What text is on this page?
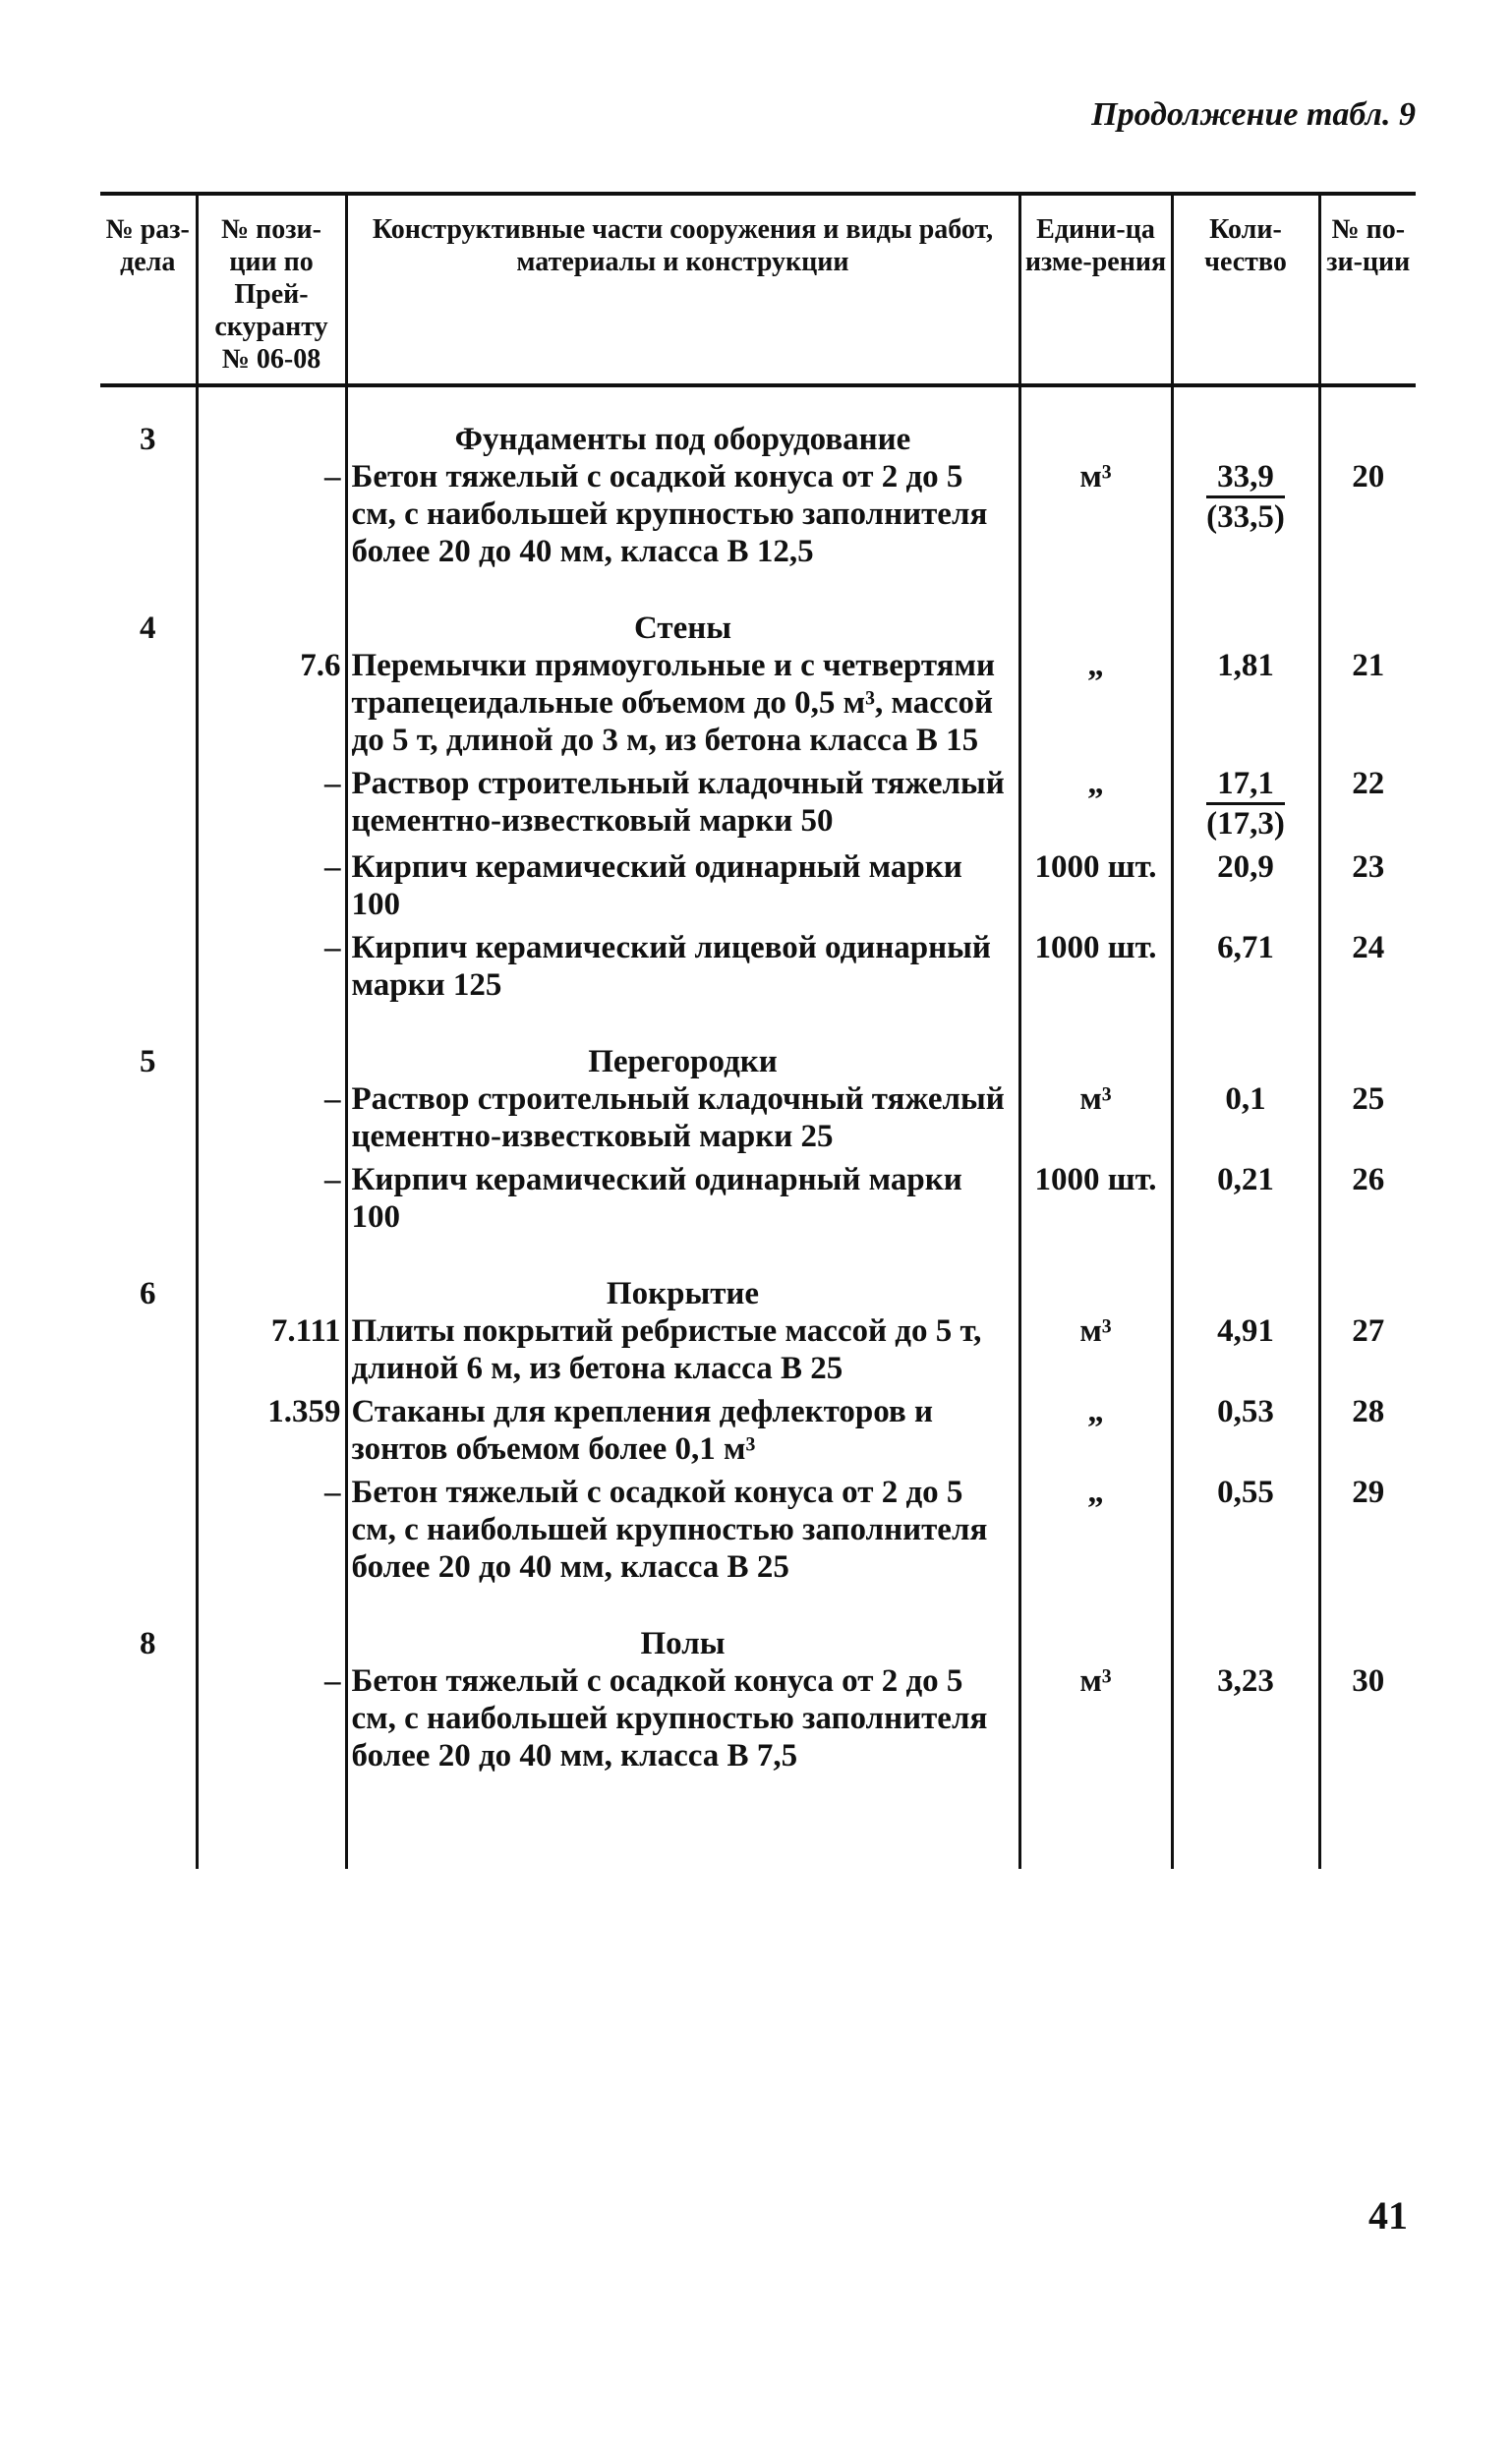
Продолжение табл. 9
№ раз-дела	№ пози-ции по Прей-скуранту № 06-08	Конструктивные части сооружения и виды работ, материалы и конструкции	Едини-ца изме-рения	Коли-чество	№ по-зи-ции
3		Фундаменты под оборудование			
	–	Бетон тяжелый с осадкой конуса от 2 до 5 см, с наибольшей крупностью заполнителя более 20 до 40 мм, класса В 12,5	м³	$\frac{33,9}{(33,5)}$	20
4		Стены			
	7.6	Перемычки прямоугольные и с четвертями трапецеидальные объемом до 0,5 м³, массой до 5 т, длиной до 3 м, из бетона класса В 15	„	1,81	21
	–	Раствор строительный кладочный тяжелый цементно-известковый марки 50	„	$\frac{17,1}{(17,3)}$	22
	–	Кирпич керамический одинарный марки 100	1000 шт.	20,9	23
	–	Кирпич керамический лицевой одинарный марки 125	1000 шт.	6,71	24
5		Перегородки			
	–	Раствор строительный кладочный тяжелый цементно-известковый марки 25	м³	0,1	25
	–	Кирпич керамический одинарный марки 100	1000 шт.	0,21	26
6		Покрытие			
	7.111	Плиты покрытий ребристые массой до 5 т, длиной 6 м, из бетона класса В 25	м³	4,91	27
	1.359	Стаканы для крепления дефлекторов и зонтов объемом более 0,1 м³	„	0,53	28
	–	Бетон тяжелый с осадкой конуса от 2 до 5 см, с наибольшей крупностью заполнителя более 20 до 40 мм, класса В 25	„	0,55	29
8		Полы			
	–	Бетон тяжелый с осадкой конуса от 2 до 5 см, с наибольшей крупностью заполнителя более 20 до 40 мм, класса В 7,5	м³	3,23	30

41
